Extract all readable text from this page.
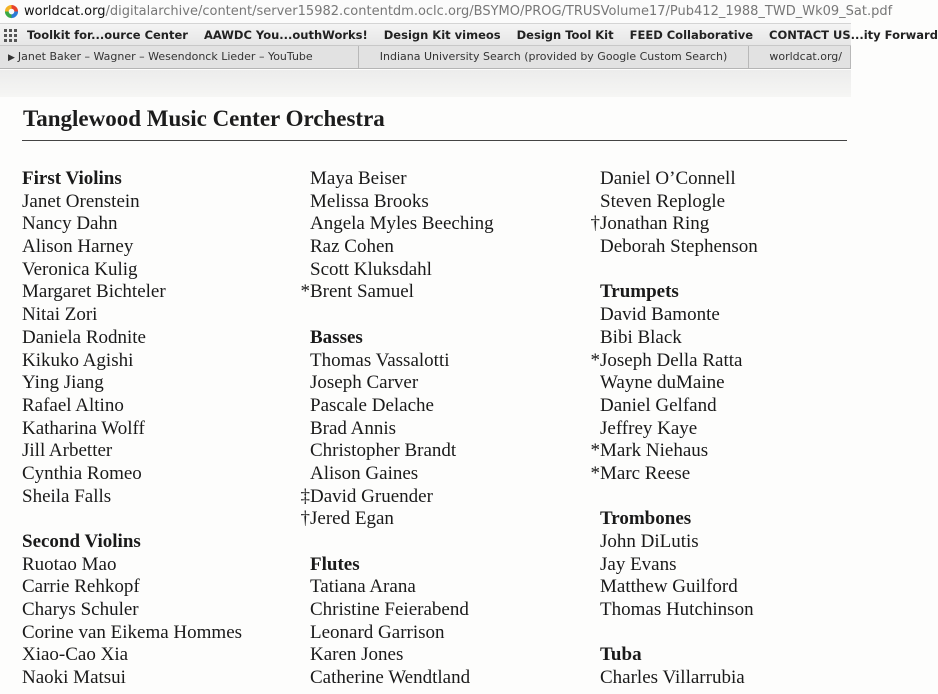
worldcat.org/digitalarchive/content/server15982.contentdm.oclc.org/BSYMO/PROG/TRUSVolume17/Pub412_1988_TWD_Wk09_Sat.pdf
Toolkit for...ource Center AAWDC You...outhWorks! Design Kit vimeos Design Tool Kit FEED Collaborative CONTACT US...ity Forward
▶ Janet Baker – Wagner – Wesendonck Lieder – YouTube	Indiana University Search (provided by Google Custom Search)	worldcat.org/
Tanglewood Music Center Orchestra
First Violins
Janet Orenstein
Nancy Dahn
Alison Harney
Veronica Kulig
Margaret Bichteler
Nitai Zori
Daniela Rodnite
Kikuko Agishi
Ying Jiang
Rafael Altino
Katharina Wolff
Jill Arbetter
Cynthia Romeo
Sheila Falls
Second Violins
Ruotao Mao
Carrie Rehkopf
Charys Schuler
Corine van Eikema Hommes
Xiao-Cao Xia
Naoki Matsui
Maya Beiser
Melissa Brooks
Angela Myles Beeching
Raz Cohen
Scott Kluksdahl
*Brent Samuel
Basses
Thomas Vassalotti
Joseph Carver
Pascale Delache
Brad Annis
Christopher Brandt
Alison Gaines
‡David Gruender
†Jered Egan
Flutes
Tatiana Arana
Christine Feierabend
Leonard Garrison
Karen Jones
Catherine Wendtland
Daniel O’Connell
Steven Replogle
†Jonathan Ring
Deborah Stephenson
Trumpets
David Bamonte
Bibi Black
*Joseph Della Ratta
Wayne duMaine
Daniel Gelfand
Jeffrey Kaye
*Mark Niehaus
*Marc Reese
Trombones
John DiLutis
Jay Evans
Matthew Guilford
Thomas Hutchinson
Tuba
Charles Villarrubia
